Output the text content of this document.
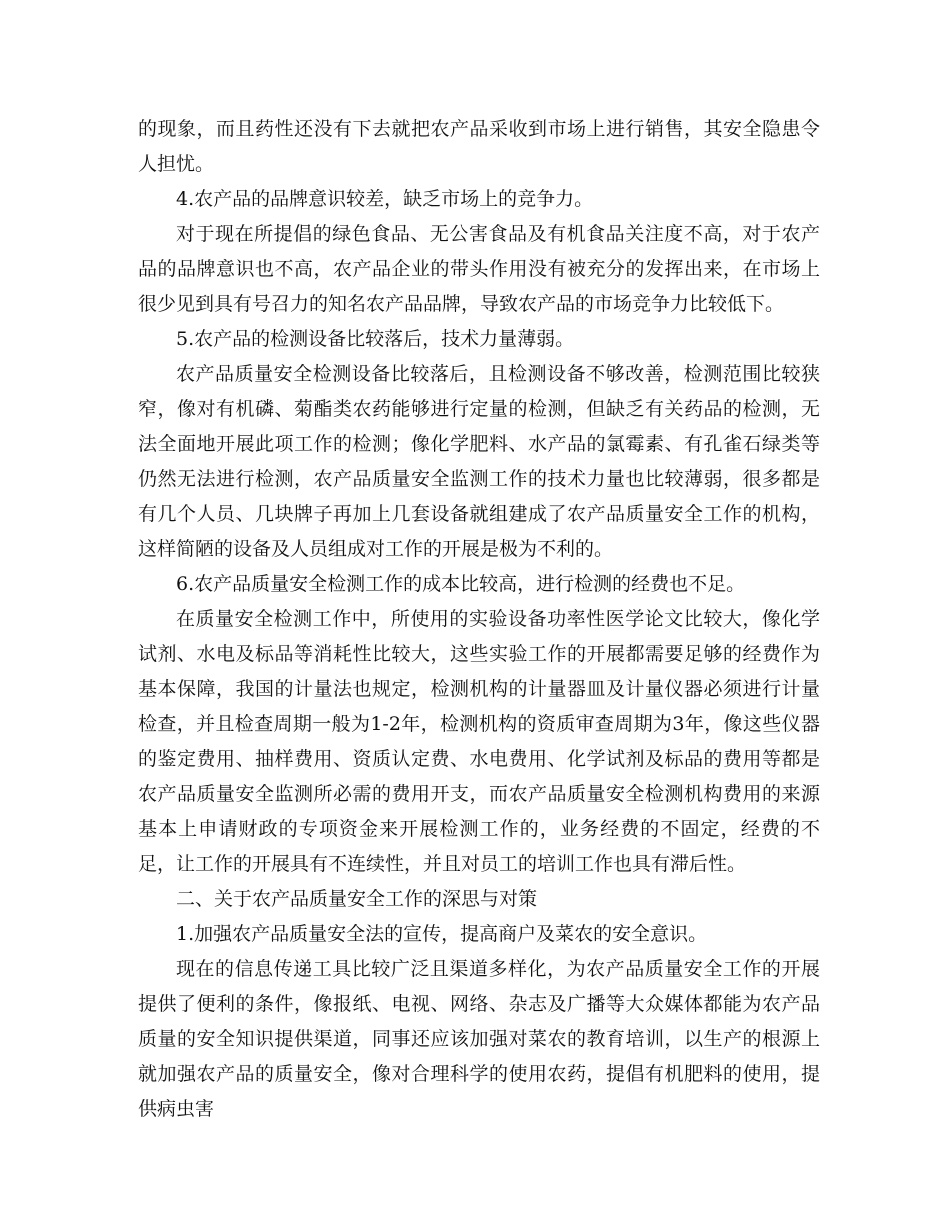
的现象，而且药性还没有下去就把农产品采收到市场上进行销售，其安全隐患令人担忧。

4.农产品的品牌意识较差，缺乏市场上的竞争力。

对于现在所提倡的绿色食品、无公害食品及有机食品关注度不高，对于农产品的品牌意识也不高，农产品企业的带头作用没有被充分的发挥出来，在市场上很少见到具有号召力的知名农产品品牌，导致农产品的市场竞争力比较低下。

5.农产品的检测设备比较落后，技术力量薄弱。

农产品质量安全检测设备比较落后，且检测设备不够改善，检测范围比较狭窄，像对有机磷、菊酯类农药能够进行定量的检测，但缺乏有关药品的检测，无法全面地开展此项工作的检测；像化学肥料、水产品的氯霉素、有孔雀石绿类等仍然无法进行检测，农产品质量安全监测工作的技术力量也比较薄弱，很多都是有几个人员、几块牌子再加上几套设备就组建成了农产品质量安全工作的机构，这样简陋的设备及人员组成对工作的开展是极为不利的。

6.农产品质量安全检测工作的成本比较高，进行检测的经费也不足。

在质量安全检测工作中，所使用的实验设备功率性医学论文比较大，像化学试剂、水电及标品等消耗性比较大，这些实验工作的开展都需要足够的经费作为基本保障，我国的计量法也规定，检测机构的计量器皿及计量仪器必须进行计量检查，并且检查周期一般为1-2年，检测机构的资质审查周期为3年，像这些仪器的鉴定费用、抽样费用、资质认定费、水电费用、化学试剂及标品的费用等都是农产品质量安全监测所必需的费用开支，而农产品质量安全检测机构费用的来源基本上申请财政的专项资金来开展检测工作的，业务经费的不固定，经费的不足，让工作的开展具有不连续性，并且对员工的培训工作也具有滞后性。

二、关于农产品质量安全工作的深思与对策

1.加强农产品质量安全法的宣传，提高商户及菜农的安全意识。

现在的信息传递工具比较广泛且渠道多样化，为农产品质量安全工作的开展提供了便利的条件，像报纸、电视、网络、杂志及广播等大众媒体都能为农产品质量的安全知识提供渠道，同事还应该加强对菜农的教育培训，以生产的根源上就加强农产品的质量安全，像对合理科学的使用农药，提倡有机肥料的使用，提供病虫害
